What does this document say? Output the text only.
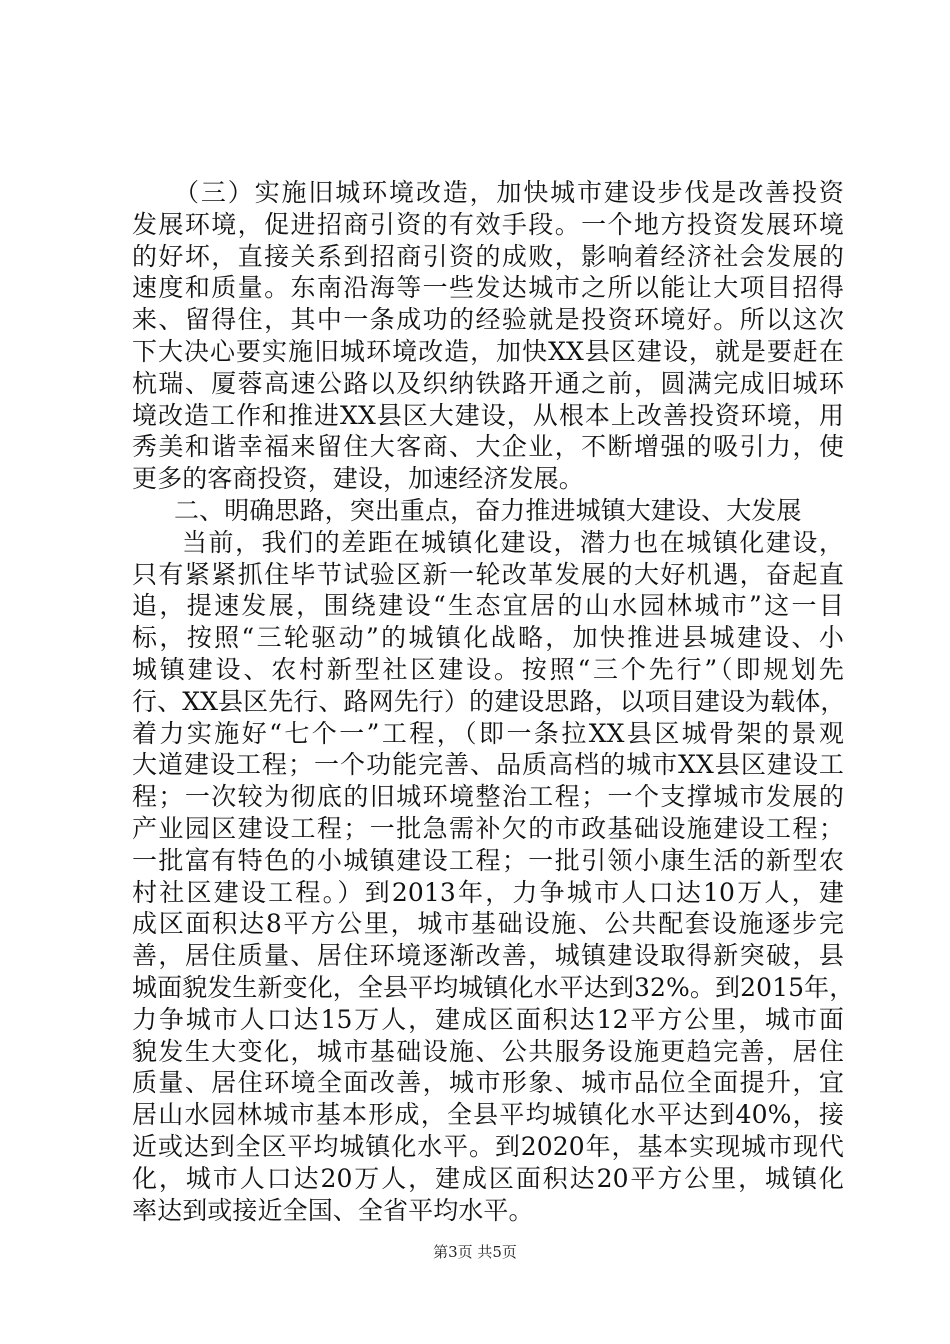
（三）实施旧城环境改造，加快城市建设步伐是改善投资
发展环境，促进招商引资的有效手段。一个地方投资发展环境
的好坏，直接关系到招商引资的成败，影响着经济社会发展的
速度和质量。东南沿海等一些发达城市之所以能让大项目招得
来、留得住，其中一条成功的经验就是投资环境好。所以这次
下大决心要实施旧城环境改造，加快XX县区建设，就是要赶在
杭瑞、厦蓉高速公路以及织纳铁路开通之前，圆满完成旧城环
境改造工作和推进XX县区大建设，从根本上改善投资环境，用
秀美和谐幸福来留住大客商、大企业，不断增强的吸引力，使
更多的客商投资，建设，加速经济发展。
二、明确思路，突出重点，奋力推进城镇大建设、大发展
当前，我们的差距在城镇化建设，潜力也在城镇化建设，
只有紧紧抓住毕节试验区新一轮改革发展的大好机遇，奋起直
追，提速发展，围绕建设“生态宜居的山水园林城市”这一目
标，按照“三轮驱动”的城镇化战略，加快推进县城建设、小
城镇建设、农村新型社区建设。按照“三个先行”（即规划先
行、XX县区先行、路网先行）的建设思路，以项目建设为载体，
着力实施好“七个一”工程，（即一条拉XX县区城骨架的景观
大道建设工程；一个功能完善、品质高档的城市XX县区建设工
程；一次较为彻底的旧城环境整治工程；一个支撑城市发展的
产业园区建设工程；一批急需补欠的市政基础设施建设工程；
一批富有特色的小城镇建设工程；一批引领小康生活的新型农
村社区建设工程。）到2013年，力争城市人口达10万人，建
成区面积达8平方公里，城市基础设施、公共配套设施逐步完
善，居住质量、居住环境逐渐改善，城镇建设取得新突破，县
城面貌发生新变化，全县平均城镇化水平达到32%。到2015年，
力争城市人口达15万人，建成区面积达12平方公里，城市面
貌发生大变化，城市基础设施、公共服务设施更趋完善，居住
质量、居住环境全面改善，城市形象、城市品位全面提升，宜
居山水园林城市基本形成，全县平均城镇化水平达到40%，接
近或达到全区平均城镇化水平。到2020年，基本实现城市现代
化，城市人口达20万人，建成区面积达20平方公里，城镇化
率达到或接近全国、全省平均水平。
第3页 共5页
